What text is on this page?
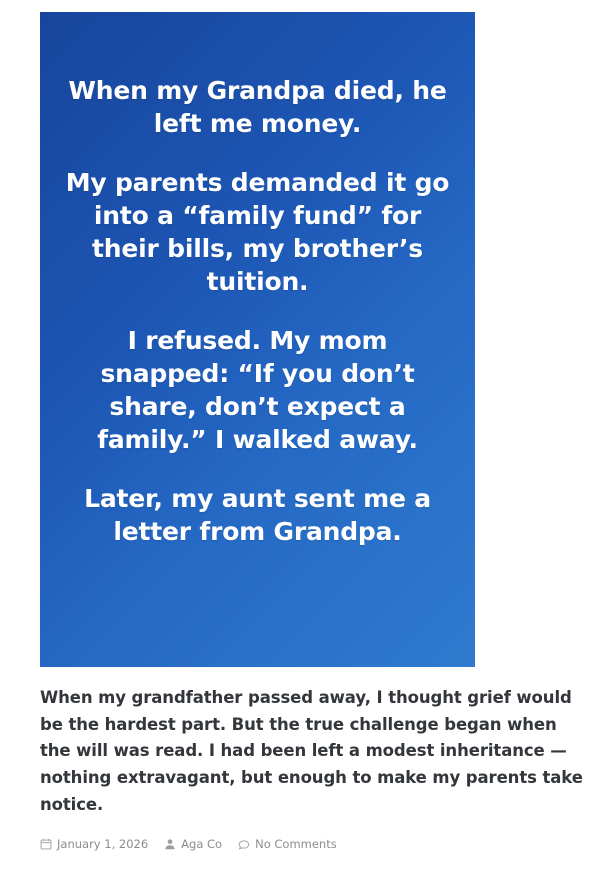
When my Grandpa died, he left me money.

My parents demanded it go into a “family fund” for their bills, my brother’s tuition.

I refused. My mom snapped: “If you don’t share, don’t expect a family.” I walked away.

Later, my aunt sent me a letter from Grandpa.

When my grandfather passed away, I thought grief would be the hardest part. But the true challenge began when the will was read. I had been left a modest inheritance — nothing extravagant, but enough to make my parents take notice.

January 1, 2026	Aga Co	No Comments
